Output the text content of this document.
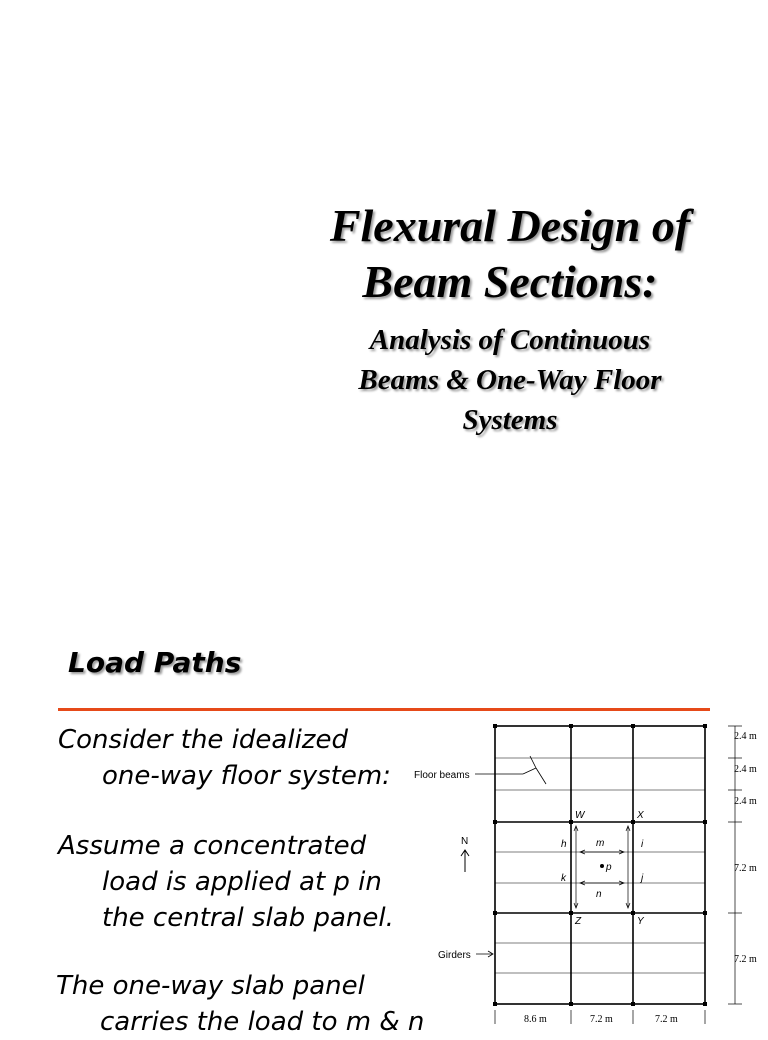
Flexural Design of
Beam Sections:
Analysis of Continuous
Beams & One-Way Floor
Systems
Load Paths

Consider the idealized
one-way floor system:

Assume a concentrated
load is applied at p in
the central slab panel.

The one-way slab panel
carries the load to m & n

Floor beams
Girders
N
W	X
Z	Y
h	i
k	j
m
n
p
2.4 m
2.4 m
2.4 m
7.2 m
7.2 m
8.6 m	7.2 m	7.2 m
